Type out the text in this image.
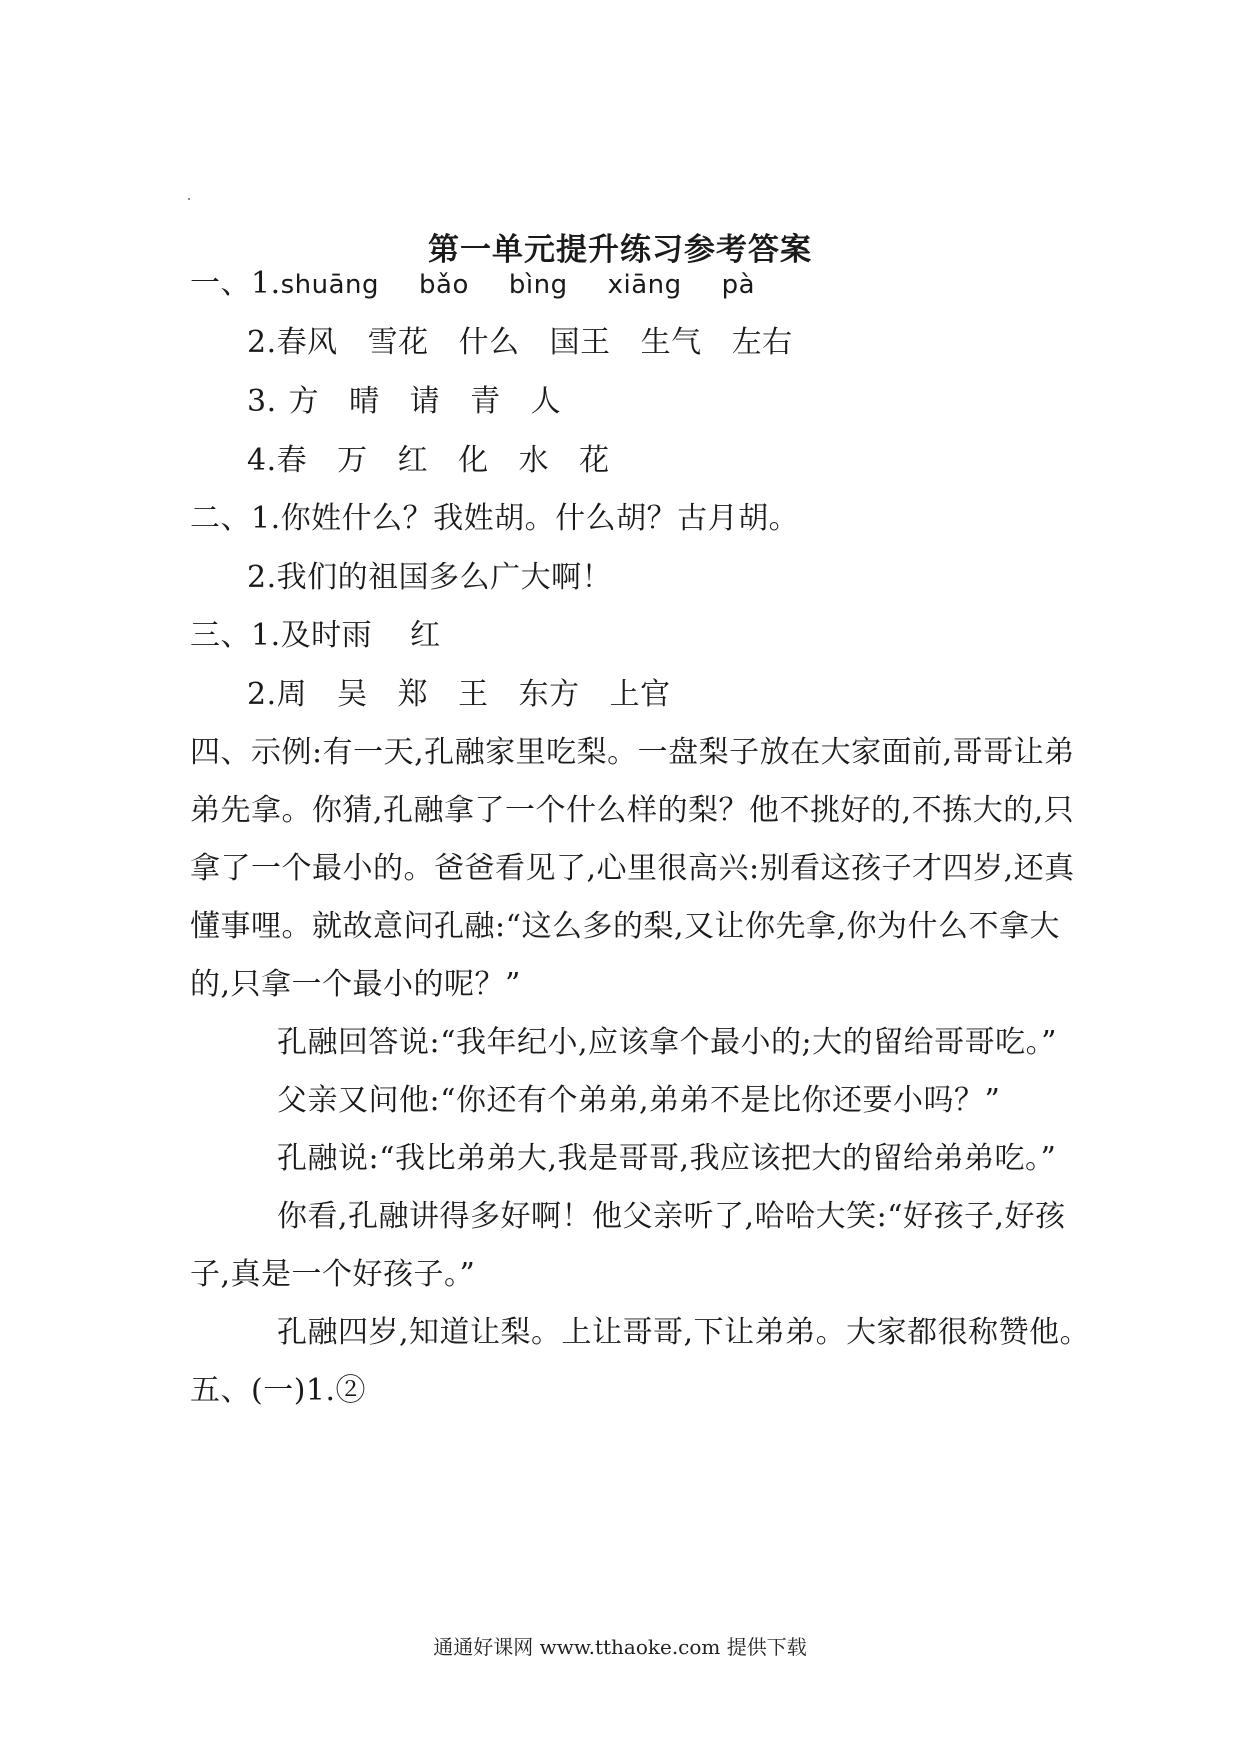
第一单元提升练习参考答案
一、1.shuāng bǎo bìng xiāng pà
2.春风 雪花 什么 国王 生气 左右
3. 方 晴 请 青 人
4.春 万 红 化 水 花
二、1.你姓什么？我姓胡。什么胡？古月胡。
2.我们的祖国多么广大啊！
三、1.及时雨 红
2.周 吴 郑 王 东方 上官
四、示例:有一天,孔融家里吃梨。一盘梨子放在大家面前,哥哥让弟
弟先拿。你猜,孔融拿了一个什么样的梨？他不挑好的,不拣大的,只
拿了一个最小的。爸爸看见了,心里很高兴:别看这孩子才四岁,还真
懂事哩。就故意问孔融:“这么多的梨,又让你先拿,你为什么不拿大
的,只拿一个最小的呢？”
孔融回答说:“我年纪小,应该拿个最小的;大的留给哥哥吃。”
父亲又问他:“你还有个弟弟,弟弟不是比你还要小吗？”
孔融说:“我比弟弟大,我是哥哥,我应该把大的留给弟弟吃。”
你看,孔融讲得多好啊！他父亲听了,哈哈大笑:“好孩子,好孩
子,真是一个好孩子。”
孔融四岁,知道让梨。上让哥哥,下让弟弟。大家都很称赞他。
五、(一)1.②
通通好课网 www.tthaoke.com 提供下载
